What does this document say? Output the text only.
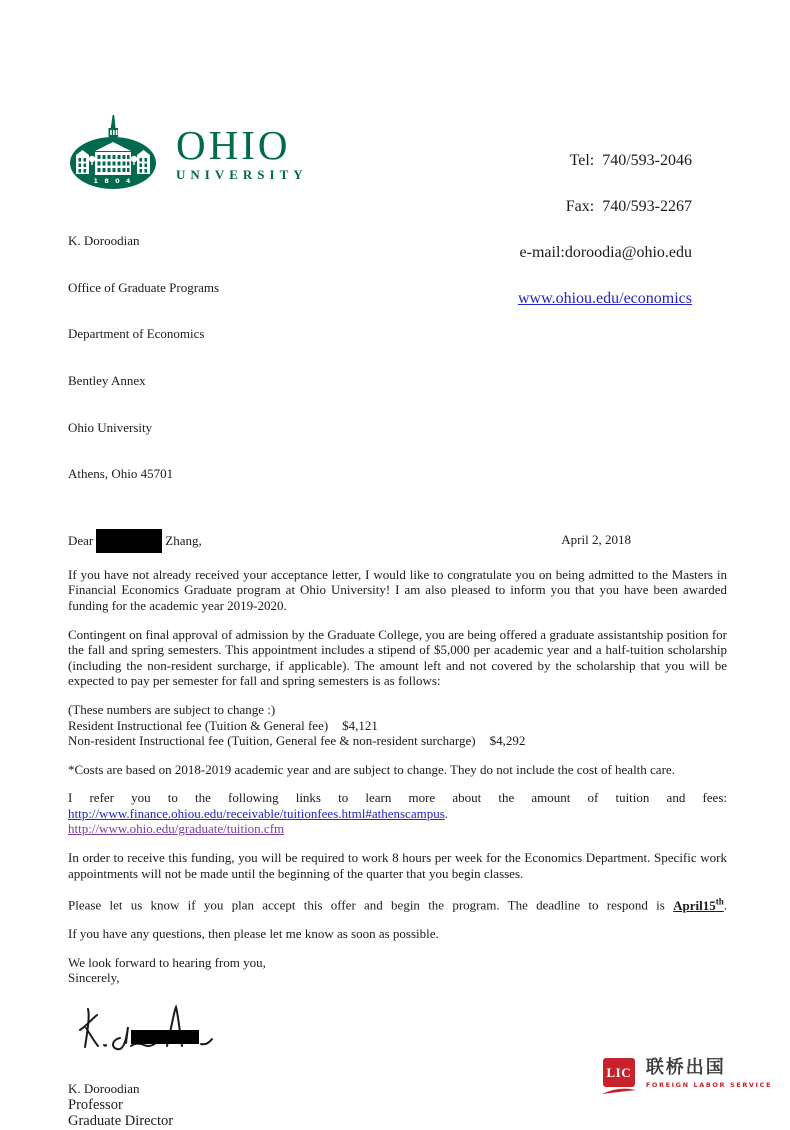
1 8 0 4
OHIO
UNIVERSITY

K. Doroodian

Office of Graduate Programs

Department of Economics

Bentley Annex

Ohio University

Athens, Ohio 45701

Dear	Zhang,	April 2, 2018

If you have not already received your acceptance letter, I would like to congratulate you on being admitted to the Masters in Financial Economics Graduate program at Ohio University! I am also pleased to inform you that you have been awarded funding for the academic year 2019-2020.

Contingent on final approval of admission by the Graduate College, you are being offered a graduate assistantship position for the fall and spring semesters. This appointment includes a stipend of $5,000 per academic year and a half-tuition scholarship (including the non-resident surcharge, if applicable). The amount left and not covered by the scholarship that you will be expected to pay per semester for fall and spring semesters is as follows:

(These numbers are subject to change :)
Resident Instructional fee (Tuition & General fee) $4,121
Non-resident Instructional fee (Tuition, General fee & non-resident surcharge) $4,292

*Costs are based on 2018-2019 academic year and are subject to change. They do not include the cost of health care.

I refer you to the following links to learn more about the amount of tuition and fees:
http://www.finance.ohiou.edu/receivable/tuitionfees.html#athenscampus.
http://www.ohio.edu/graduate/tuition.cfm

In order to receive this funding, you will be required to work 8 hours per week for the Economics Department. Specific work appointments will not be made until the beginning of the quarter that you begin classes.

Please let us know if you plan accept this offer and begin the program. The deadline to respond is April15th.

If you have any questions, then please let me know as soon as possible.

We look forward to hearing from you,
Sincerely,
K. Doroodian
Professor
Graduate Director

Tel:  740/593-2046

Fax:  740/593-2267

e-mail:doroodia@ohio.edu

www.ohiou.edu/economics

LIC 联桥出国
FOREIGN LABOR SERVICE
